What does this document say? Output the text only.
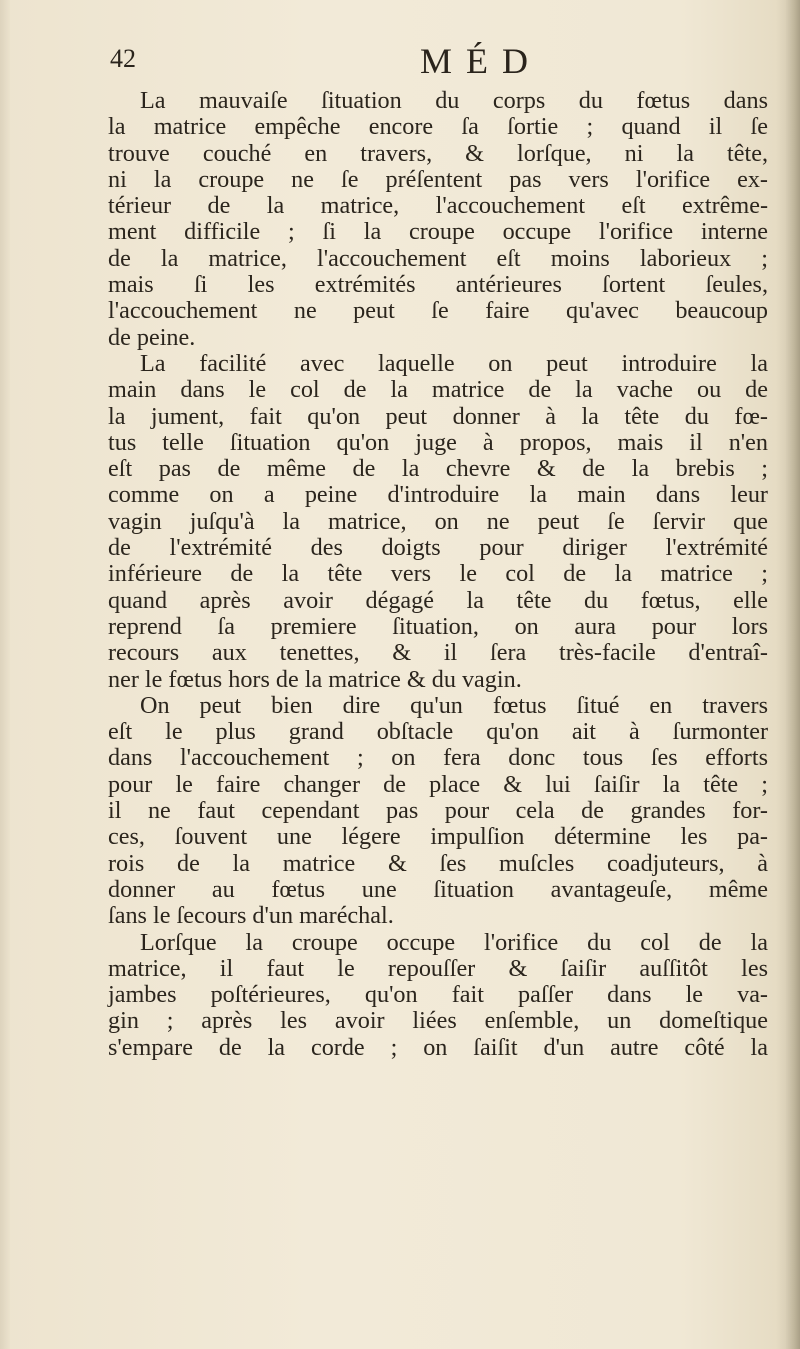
42	MÉD
La mauvaiſe ſituation du corps du fœtus dans
la matrice empêche encore ſa ſortie ; quand il ſe
trouve couché en travers, & lorſque, ni la tête,
ni la croupe ne ſe préſentent pas vers l'orifice ex-
térieur de la matrice, l'accouchement eſt extrême-
ment difficile ; ſi la croupe occupe l'orifice interne
de la matrice, l'accouchement eſt moins laborieux ;
mais ſi les extrémités antérieures ſortent ſeules,
l'accouchement ne peut ſe faire qu'avec beaucoup
de peine.
La facilité avec laquelle on peut introduire la
main dans le col de la matrice de la vache ou de
la jument, fait qu'on peut donner à la tête du fœ-
tus telle ſituation qu'on juge à propos, mais il n'en
eſt pas de même de la chevre & de la brebis ;
comme on a peine d'introduire la main dans leur
vagin juſqu'à la matrice, on ne peut ſe ſervir que
de l'extrémité des doigts pour diriger l'extrémité
inférieure de la tête vers le col de la matrice ;
quand après avoir dégagé la tête du fœtus, elle
reprend ſa premiere ſituation, on aura pour lors
recours aux tenettes, & il ſera très-facile d'entraî-
ner le fœtus hors de la matrice & du vagin.
On peut bien dire qu'un fœtus ſitué en travers
eſt le plus grand obſtacle qu'on ait à ſurmonter
dans l'accouchement ; on fera donc tous ſes efforts
pour le faire changer de place & lui ſaiſir la tête ;
il ne faut cependant pas pour cela de grandes for-
ces, ſouvent une légere impulſion détermine les pa-
rois de la matrice & ſes muſcles coadjuteurs, à
donner au fœtus une ſituation avantageuſe, même
ſans le ſecours d'un maréchal.
Lorſque la croupe occupe l'orifice du col de la
matrice, il faut le repouſſer & ſaiſir auſſitôt les
jambes poſtérieures, qu'on fait paſſer dans le va-
gin ; après les avoir liées enſemble, un domeſtique
s'empare de la corde ; on ſaiſit d'un autre côté la
